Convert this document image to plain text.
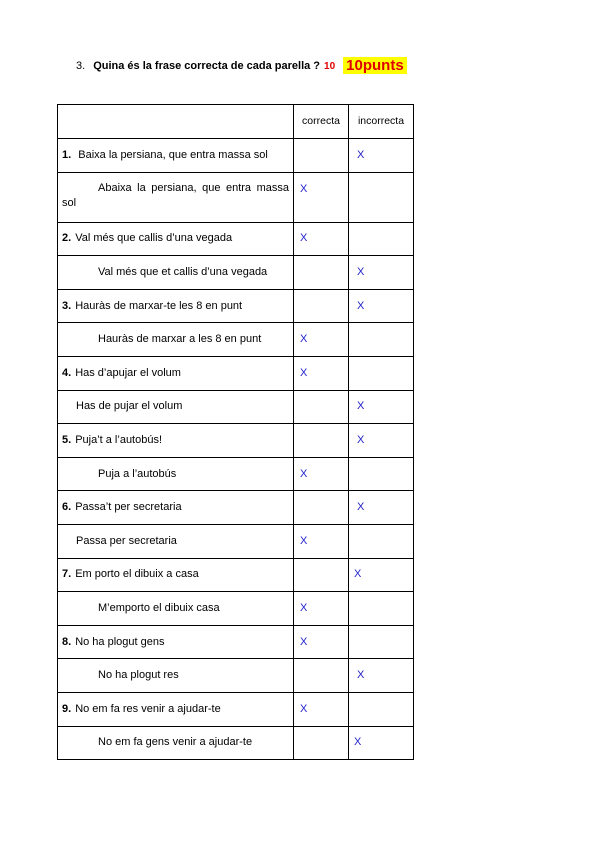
3. Quina és la frase correcta de cada parella ? 10 10punts
	correcta	incorrecta
1. Baixa la persiana, que entra massa sol		X
Abaixa la persiana, que entra massa sol	X	
2. Val més que callis d’una vegada	X	
Val més que et callis d’una vegada		X
3. Hauràs de marxar-te les 8 en punt		X
Hauràs de marxar a les 8 en punt	X	
4. Has d’apujar el volum	X	
Has de pujar el volum		X
5. Puja’t a l’autobús!		X
Puja a l’autobús	X	
6. Passa’t per secretaria		X
Passa per secretaria	X	
7. Em porto el dibuix a casa		X
M’emporto el dibuix casa	X	
8. No ha plogut gens	X	
No ha plogut res		X
9. No em fa res venir a ajudar-te	X	
No em fa gens venir a ajudar-te		X
